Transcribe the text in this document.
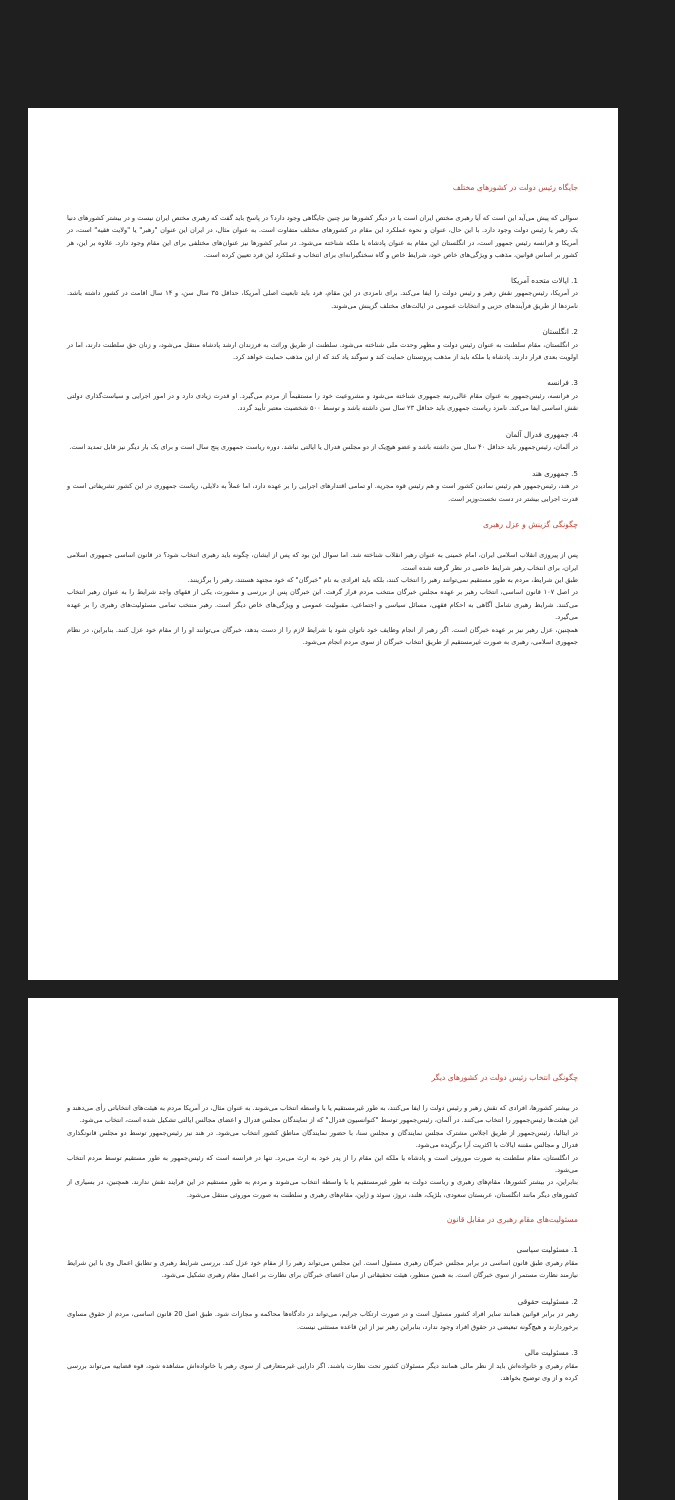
جایگاه رئیس دولت در کشورهای مختلف
سوالی که پیش می‌آید این است که آیا رهبری مختص ایران است یا در دیگر کشورها نیز چنین جایگاهی وجود دارد؟ در پاسخ باید گفت که رهبری مختص ایران نیست و در بیشتر کشورهای دنیا یک رهبر یا رئیس دولت وجود دارد. با این حال، عنوان و نحوه عملکرد این مقام در کشورهای مختلف متفاوت است. به عنوان مثال، در ایران این عنوان "رهبر" یا "ولایت فقیه" است، در آمریکا و فرانسه رئیس جمهور است، در انگلستان این مقام به عنوان پادشاه یا ملکه شناخته می‌شود. در سایر کشورها نیز عنوان‌های مختلفی برای این مقام وجود دارد. علاوه بر این، هر کشور بر اساس قوانین، مذهب و ویژگی‌های خاص خود، شرایط خاص و گاه سختگیرانه‌ای برای انتخاب و عملکرد این فرد تعیین کرده است.
1. ایالات متحده آمریکا
در آمریکا، رئیس‌جمهور نقش رهبر و رئیس دولت را ایفا می‌کند. برای نامزدی در این مقام، فرد باید تابعیت اصلی آمریکا، حداقل ۳۵ سال سن، و ۱۴ سال اقامت در کشور داشته باشد. نامزدها از طریق فرآیندهای حزبی و انتخابات عمومی در ایالت‌های مختلف گزینش می‌شوند.
2. انگلستان
در انگلستان، مقام سلطنت به عنوان رئیس دولت و مظهر وحدت ملی شناخته می‌شود. سلطنت از طریق وراثت به فرزندان ارشد پادشاه منتقل می‌شود، و زنان حق سلطنت دارند، اما در اولویت بعدی قرار دارند. پادشاه یا ملکه باید از مذهب پروتستان حمایت کند و سوگند یاد کند که از این مذهب حمایت خواهد کرد.
3. فرانسه
در فرانسه، رئیس‌جمهور به عنوان مقام عالی‌رتبه جمهوری شناخته می‌شود و مشروعیت خود را مستقیماً از مردم می‌گیرد. او قدرت زیادی دارد و در امور اجرایی و سیاست‌گذاری دولتی نقش اساسی ایفا می‌کند. نامزد ریاست جمهوری باید حداقل ۲۳ سال سن داشته باشد و توسط ۵۰۰ شخصیت معتبر تأیید گردد.
4. جمهوری فدرال آلمان
در آلمان، رئیس‌جمهور باید حداقل ۴۰ سال سن داشته باشد و عضو هیچ‌یک از دو مجلس فدرال یا ایالتی نباشد. دوره ریاست جمهوری پنج سال است و برای یک بار دیگر نیز قابل تمدید است.
5. جمهوری هند
در هند، رئیس‌جمهور هم رئیس نمادین کشور است و هم رئیس قوه مجریه. او تمامی اقتدارهای اجرایی را بر عهده دارد، اما عملاً به دلایلی، ریاست جمهوری در این کشور تشریفاتی است و قدرت اجرایی بیشتر در دست نخست‌وزیر است.
چگونگی گزینش و عزل رهبری
پس از پیروزی انقلاب اسلامی ایران، امام خمینی به عنوان رهبر انقلاب شناخته شد. اما سوال این بود که پس از ایشان، چگونه باید رهبری انتخاب شود؟ در قانون اساسی جمهوری اسلامی ایران، برای انتخاب رهبر شرایط خاصی در نظر گرفته شده است.
طبق این شرایط، مردم به طور مستقیم نمی‌توانند رهبر را انتخاب کنند، بلکه باید افرادی به نام "خبرگان" که خود مجتهد هستند، رهبر را برگزینند.
در اصل ۱۰۷ قانون اساسی، انتخاب رهبر بر عهده مجلس خبرگان منتخب مردم قرار گرفت. این خبرگان پس از بررسی و مشورت، یکی از فقهای واجد شرایط را به عنوان رهبر انتخاب می‌کنند. شرایط رهبری شامل آگاهی به احکام فقهی، مسائل سیاسی و اجتماعی، مقبولیت عمومی و ویژگی‌های خاص دیگر است. رهبر منتخب تمامی مسئولیت‌های رهبری را بر عهده می‌گیرد.
همچنین، عزل رهبر نیز بر عهده خبرگان است. اگر رهبر از انجام وظایف خود ناتوان شود یا شرایط لازم را از دست بدهد، خبرگان می‌توانند او را از مقام خود عزل کنند. بنابراین، در نظام جمهوری اسلامی، رهبری به صورت غیرمستقیم از طریق انتخاب خبرگان از سوی مردم انجام می‌شود.
چگونگی انتخاب رئیس دولت در کشورهای دیگر
در بیشتر کشورها، افرادی که نقش رهبر و رئیس دولت را ایفا می‌کنند، به طور غیرمستقیم یا با واسطه انتخاب می‌شوند. به عنوان مثال، در آمریکا مردم به هیئت‌های انتخاباتی رأی می‌دهند و این هیئت‌ها رئیس‌جمهور را انتخاب می‌کنند. در آلمان، رئیس‌جمهور توسط "کنوانسیون فدرال" که از نمایندگان مجلس فدرال و اعضای مجالس ایالتی تشکیل شده است، انتخاب می‌شود.
در ایتالیا، رئیس‌جمهور از طریق اجلاس مشترک مجلس نمایندگان و مجلس سنا، با حضور نمایندگان مناطق کشور انتخاب می‌شود. در هند نیز رئیس‌جمهور توسط دو مجلس قانونگذاری فدرال و مجالس مقننه ایالات با اکثریت آرا برگزیده می‌شود.
در انگلستان، مقام سلطنت به صورت موروثی است و پادشاه یا ملکه این مقام را از پدر خود به ارث می‌برد. تنها در فرانسه است که رئیس‌جمهور به طور مستقیم توسط مردم انتخاب می‌شود.
بنابراین، در بیشتر کشورها، مقام‌های رهبری و ریاست دولت به طور غیرمستقیم یا با واسطه انتخاب می‌شوند و مردم به طور مستقیم در این فرایند نقش ندارند. همچنین، در بسیاری از کشورهای دیگر مانند انگلستان، عربستان سعودی، بلژیک، هلند، نروژ، سوئد و ژاپن، مقام‌های رهبری و سلطنت به صورت موروثی منتقل می‌شود.
مسئولیت‌های مقام رهبری در مقابل قانون
1. مسئولیت سیاسی
مقام رهبری طبق قانون اساسی در برابر مجلس خبرگان رهبری مسئول است. این مجلس می‌تواند رهبر را از مقام خود عزل کند. بررسی شرایط رهبری و تطابق اعمال وی با این شرایط نیازمند نظارت مستمر از سوی خبرگان است. به همین منظور، هیئت تحقیقاتی از میان اعضای خبرگان برای نظارت بر اعمال مقام رهبری تشکیل می‌شود.
2. مسئولیت حقوقی
رهبر در برابر قوانین همانند سایر افراد کشور مسئول است و در صورت ارتکاب جرایم، می‌تواند در دادگاه‌ها محاکمه و مجازات شود. طبق اصل 20 قانون اساسی، مردم از حقوق مساوی برخوردارند و هیچ‌گونه تبعیضی در حقوق افراد وجود ندارد، بنابراین رهبر نیز از این قاعده مستثنی نیست.
3. مسئولیت مالی
مقام رهبری و خانواده‌اش باید از نظر مالی همانند دیگر مسئولان کشور تحت نظارت باشند. اگر دارایی غیرمتعارفی از سوی رهبر یا خانواده‌اش مشاهده شود، قوه قضاییه می‌تواند بررسی کرده و از وی توضیح بخواهد.
